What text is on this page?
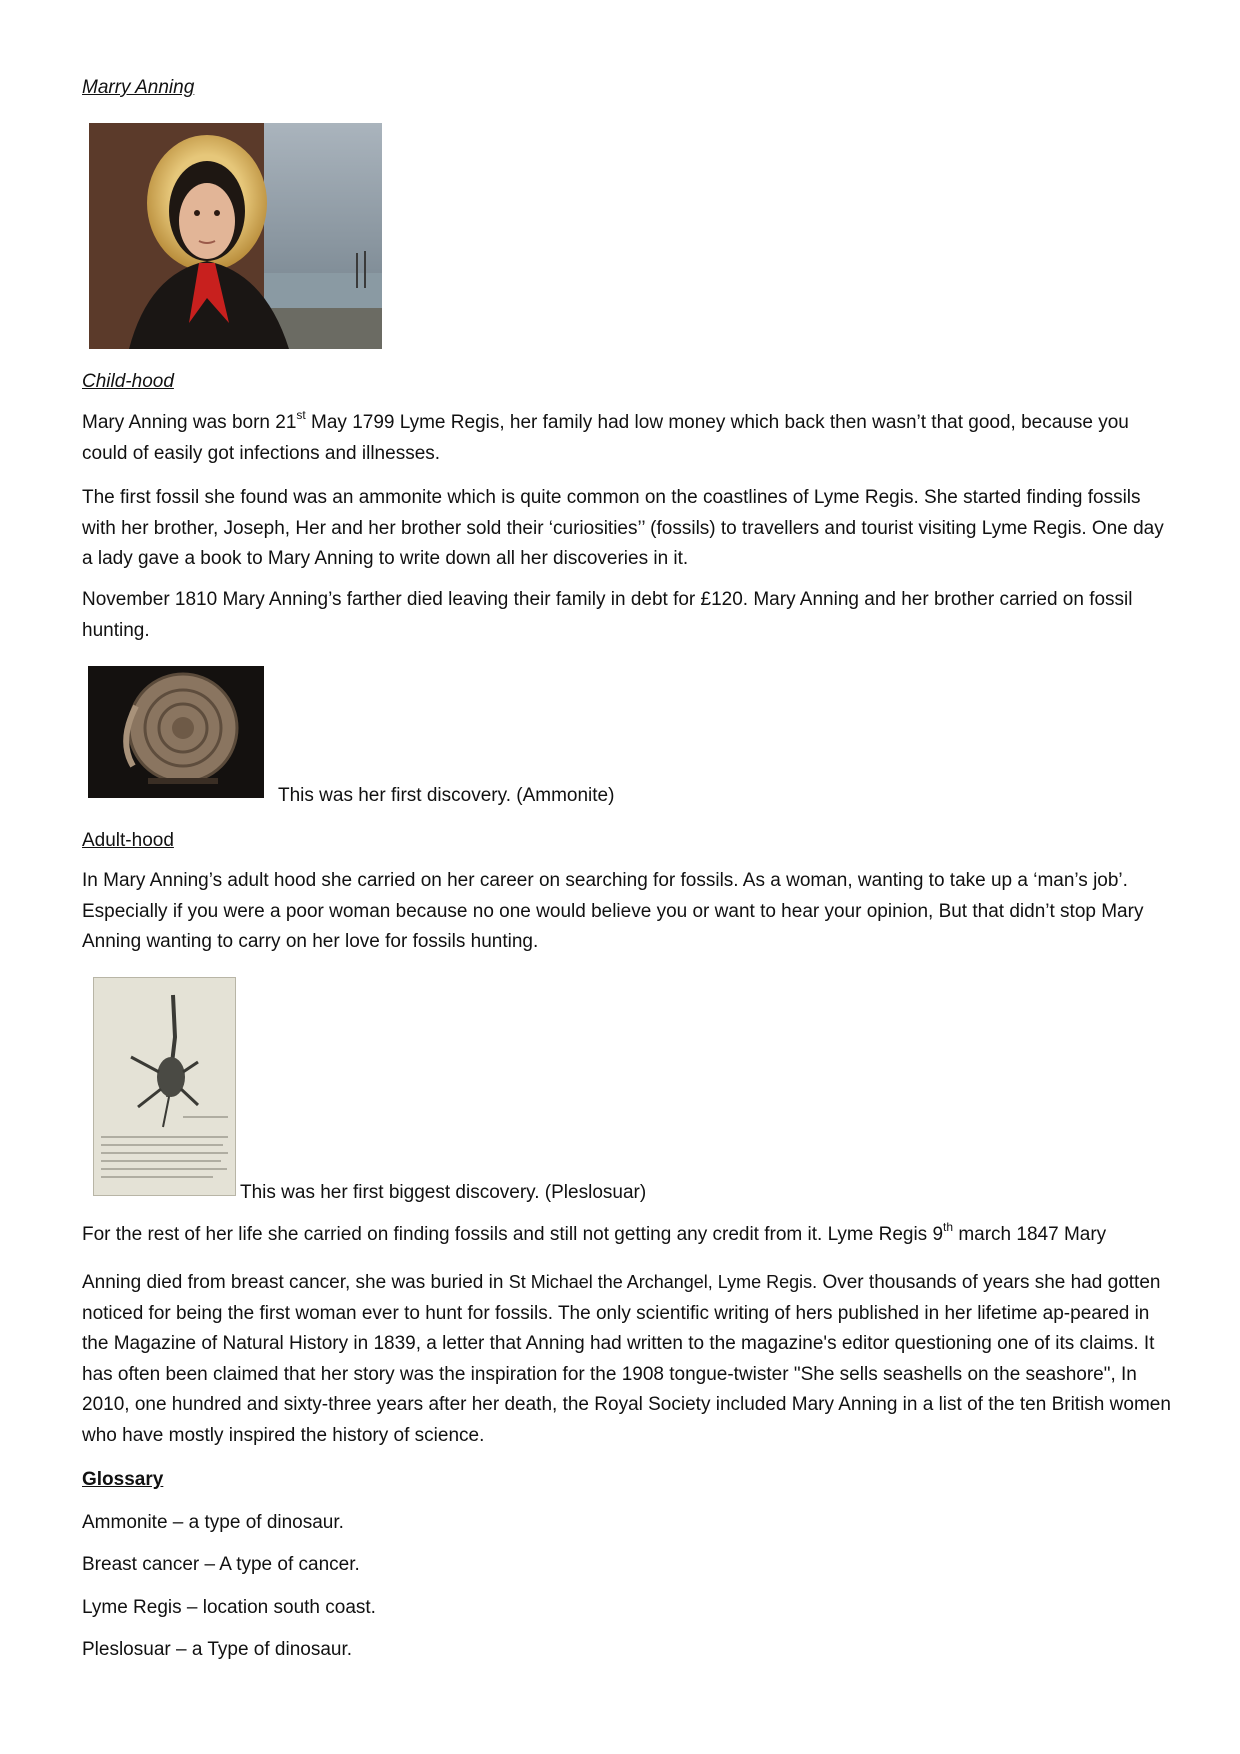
Marry Anning

Child-hood

Mary Anning was born 21st May 1799 Lyme Regis, her family had low money which back then wasn’t that good, because you could of easily got infections and illnesses.

The first fossil she found was an ammonite which is quite common on the coastlines of Lyme Regis. She started finding fossils with her brother, Joseph, Her and her brother sold their ‘curiosities’’ (fossils) to travellers and tourist visiting Lyme Regis. One day a lady gave a book to Mary Anning to write down all her discoveries in it.

November 1810 Mary Anning’s farther died leaving their family in debt for £120. Mary Anning and her brother carried on fossil hunting.

This was her first discovery. (Ammonite)

Adult-hood

In Mary Anning’s adult hood she carried on her career on searching for fossils. As a woman, wanting to take up a ‘man’s job’. Especially if you were a poor woman because no one would believe you or want to hear your opinion, But that didn’t stop Mary Anning wanting to carry on her love for fossils hunting.

This was her first biggest discovery. (Pleslosuar)

For the rest of her life she carried on finding fossils and still not getting any credit from it. Lyme Regis 9th march 1847 Mary

Anning died from breast cancer, she was buried in St Michael the Archangel, Lyme Regis. Over thousands of years she had gotten noticed for being the first woman ever to hunt for fossils. The only scientific writing of hers published in her lifetime ap-peared in the Magazine of Natural History in 1839, a letter that Anning had written to the magazine's editor questioning one of its claims. It has often been claimed that her story was the inspiration for the 1908 tongue-twister "She sells seashells on the seashore", In 2010, one hundred and sixty-three years after her death, the Royal Society included Mary Anning in a list of the ten British women who have mostly inspired the history of science.

Glossary

Ammonite – a type of dinosaur.

Breast cancer – A type of cancer.

Lyme Regis – location south coast.

Pleslosuar – a Type of dinosaur.
